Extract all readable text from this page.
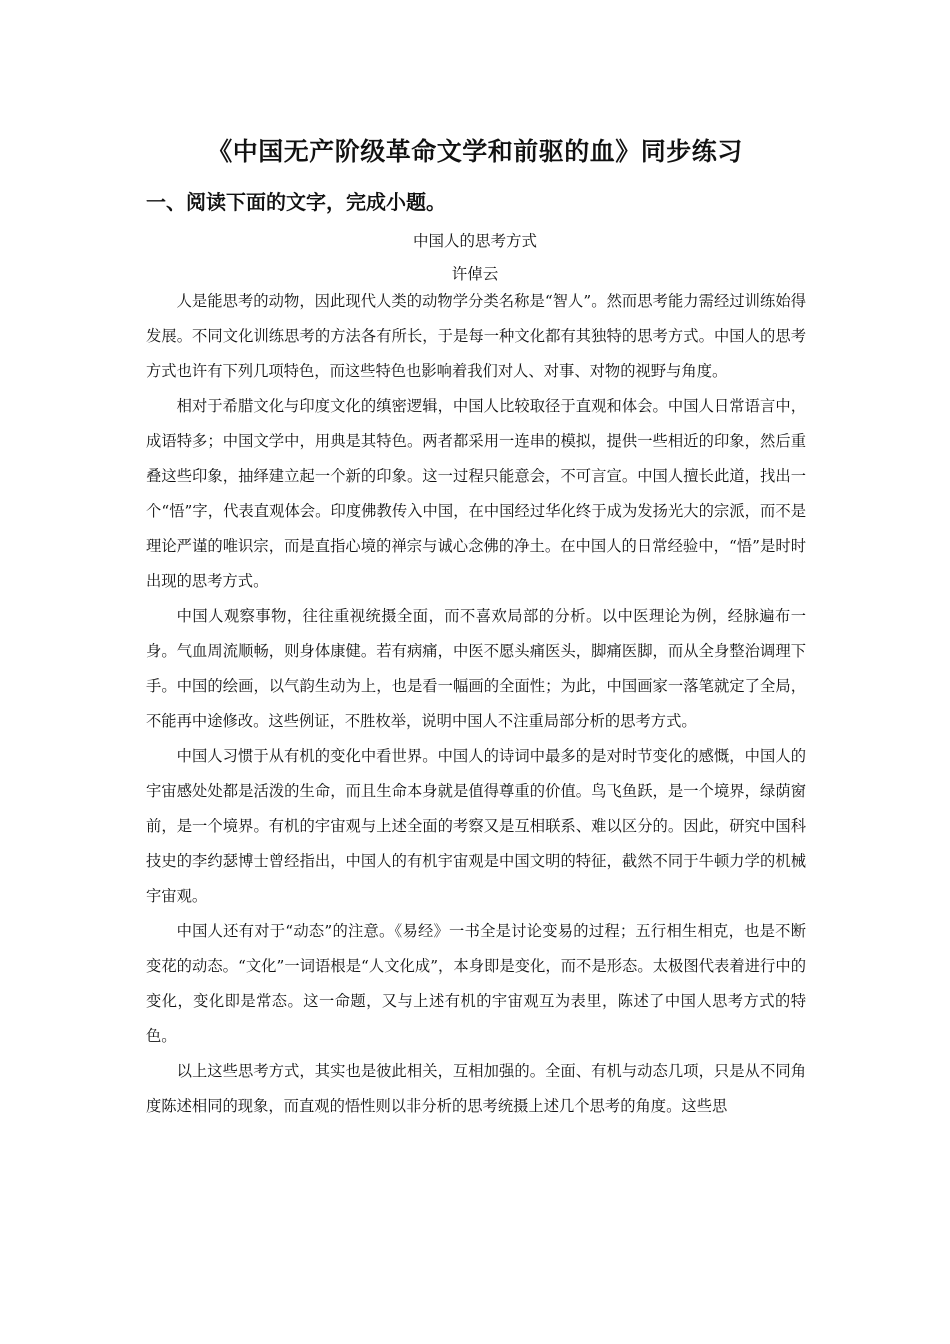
《中国无产阶级革命文学和前驱的血》同步练习
一、阅读下面的文字，完成小题。
中国人的思考方式
许倬云

人是能思考的动物，因此现代人类的动物学分类名称是“智人”。然而思考能力需经过训练始得发展。不同文化训练思考的方法各有所长，于是每一种文化都有其独特的思考方式。中国人的思考方式也许有下列几项特色，而这些特色也影响着我们对人、对事、对物的视野与角度。

相对于希腊文化与印度文化的缜密逻辑，中国人比较取径于直观和体会。中国人日常语言中，成语特多；中国文学中，用典是其特色。两者都采用一连串的模拟，提供一些相近的印象，然后重叠这些印象，抽绎建立起一个新的印象。这一过程只能意会，不可言宣。中国人擅长此道，找出一个“悟”字，代表直观体会。印度佛教传入中国，在中国经过华化终于成为发扬光大的宗派，而不是理论严谨的唯识宗，而是直指心境的禅宗与诚心念佛的净土。在中国人的日常经验中，“悟”是时时出现的思考方式。

中国人观察事物，往往重视统摄全面，而不喜欢局部的分析。以中医理论为例，经脉遍布一身。气血周流顺畅，则身体康健。若有病痛，中医不愿头痛医头，脚痛医脚，而从全身整治调理下手。中国的绘画，以气韵生动为上，也是看一幅画的全面性；为此，中国画家一落笔就定了全局，不能再中途修改。这些例证，不胜枚举，说明中国人不注重局部分析的思考方式。

中国人习惯于从有机的变化中看世界。中国人的诗词中最多的是对时节变化的感慨，中国人的宇宙感处处都是活泼的生命，而且生命本身就是值得尊重的价值。鸟飞鱼跃，是一个境界，绿荫窗前，是一个境界。有机的宇宙观与上述全面的考察又是互相联系、难以区分的。因此，研究中国科技史的李约瑟博士曾经指出，中国人的有机宇宙观是中国文明的特征，截然不同于牛顿力学的机械宇宙观。

中国人还有对于“动态”的注意。《易经》一书全是讨论变易的过程；五行相生相克，也是不断变花的动态。“文化”一词语根是“人文化成”，本身即是变化，而不是形态。太极图代表着进行中的变化，变化即是常态。这一命题，又与上述有机的宇宙观互为表里，陈述了中国人思考方式的特色。

以上这些思考方式，其实也是彼此相关，互相加强的。全面、有机与动态几项，只是从不同角度陈述相同的现象，而直观的悟性则以非分析的思考统摄上述几个思考的角度。这些思
